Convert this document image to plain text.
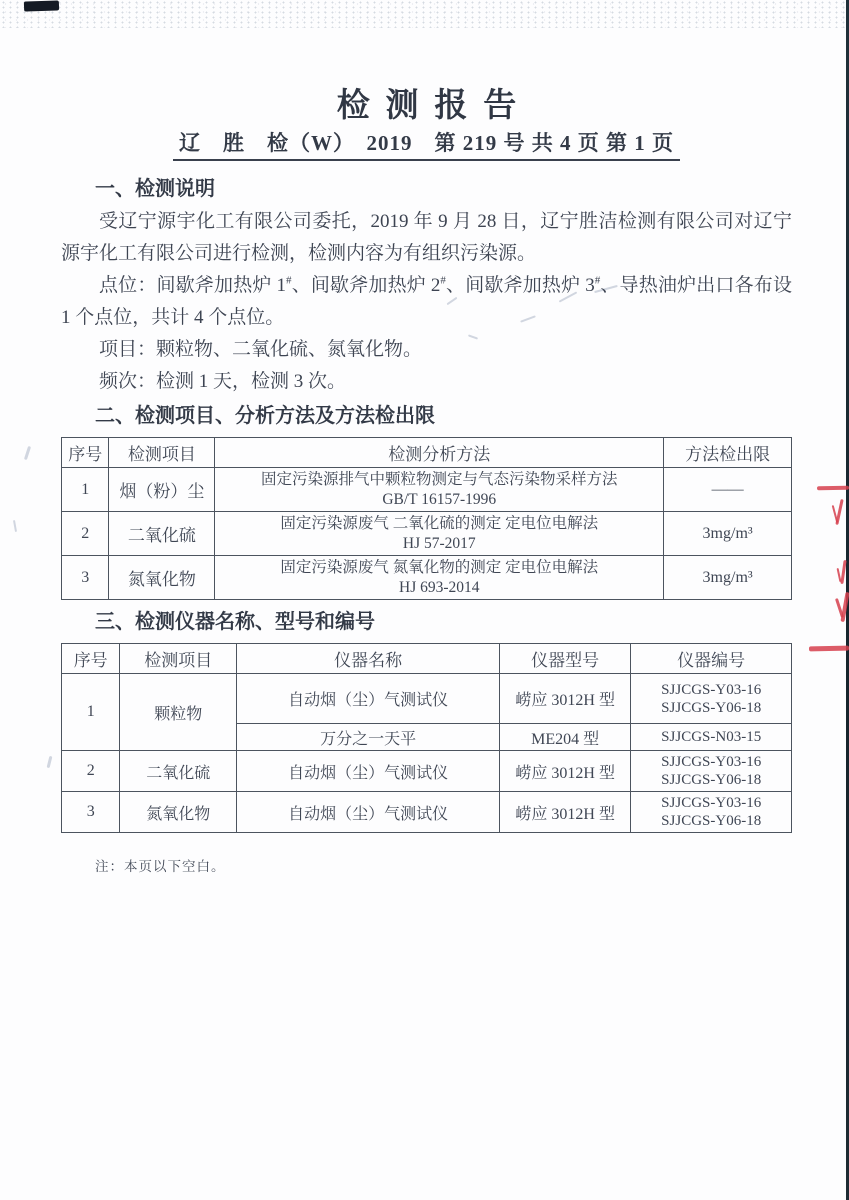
检测报告
辽　胜　检（W）　2019　第 219 号 共 4 页 第 1 页
一、检测说明

受辽宁源宇化工有限公司委托，2019 年 9 月 28 日，辽宁胜洁检测有限公司对辽宁源宇化工有限公司进行检测，检测内容为有组织污染源。

点位：间歇斧加热炉 1#、间歇斧加热炉 2#、间歇斧加热炉 3#、导热油炉出口各布设 1 个点位，共计 4 个点位。

项目：颗粒物、二氧化硫、氮氧化物。

频次：检测 1 天，检测 3 次。

二、检测项目、分析方法及方法检出限
序号	检测项目	检测分析方法	方法检出限
1	烟（粉）尘	固定污染源排气中颗粒物测定与气态污染物采样方法
GB/T 16157-1996	——
2	二氧化硫	固定污染源废气 二氧化硫的测定 定电位电解法
HJ 57-2017	3mg/m³
3	氮氧化物	固定污染源废气 氮氧化物的测定 定电位电解法
HJ 693-2014	3mg/m³
三、检测仪器名称、型号和编号
序号	检测项目	仪器名称	仪器型号	仪器编号
1	颗粒物	自动烟（尘）气测试仪	崂应 3012H 型	SJJCGS-Y03-16
SJJCGS-Y06-18

		万分之一天平	ME204 型	SJJCGS-N03-15

2	二氧化硫	自动烟（尘）气测试仪	崂应 3012H 型	SJJCGS-Y03-16
SJJCGS-Y06-18

3	氮氧化物	自动烟（尘）气测试仪	崂应 3012H 型	SJJCGS-Y03-16
SJJCGS-Y06-18

注：本页以下空白。
